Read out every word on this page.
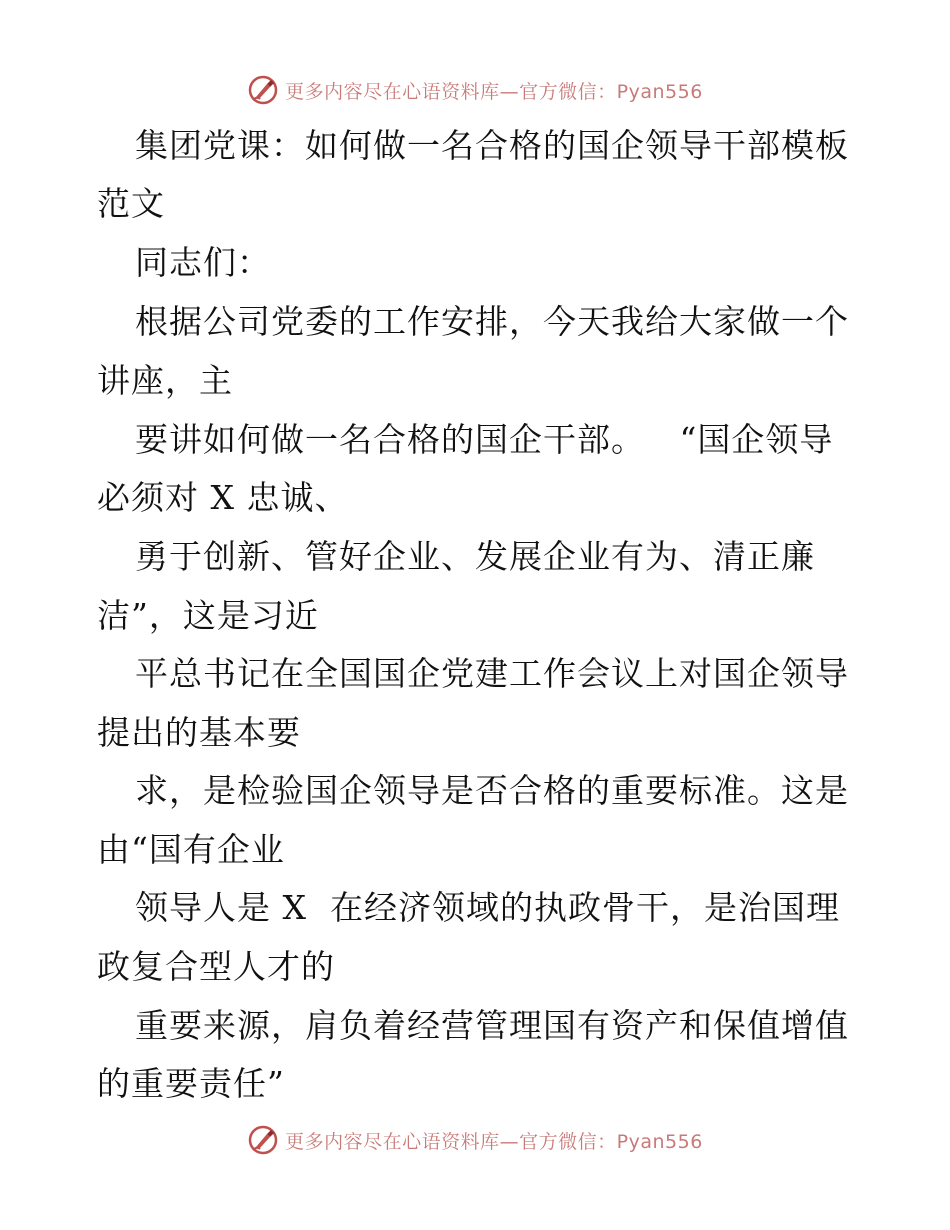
更多内容尽在心语资料库—官方微信：Pyan556
集团党课：如何做一名合格的国企领导干部模板
范文
同志们：
根据公司党委的工作安排，今天我给大家做一个
讲座，主
要讲如何做一名合格的国企干部。   “国企领导
必须对 X 忠诚、
勇于创新、管好企业、发展企业有为、清正廉
洁”，这是习近
平总书记在全国国企党建工作会议上对国企领导
提出的基本要
求，是检验国企领导是否合格的重要标准。这是
由“国有企业
领导人是 X  在经济领域的执政骨干，是治国理
政复合型人才的
重要来源，肩负着经营管理国有资产和保值增值
的重要责任”
更多内容尽在心语资料库—官方微信：Pyan556
